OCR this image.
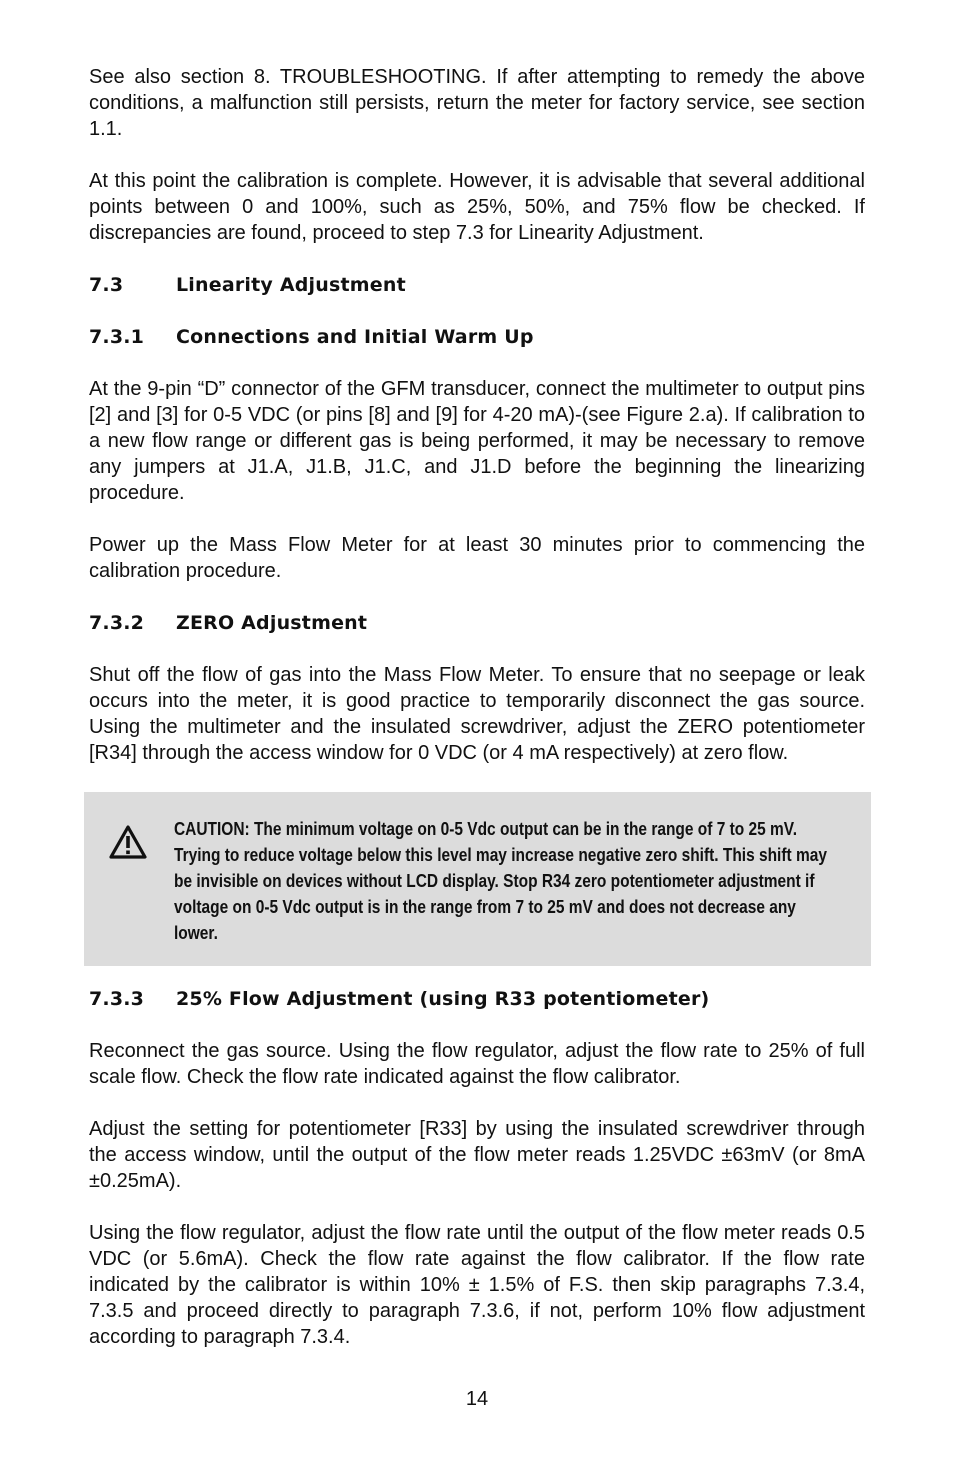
See also section 8. TROUBLESHOOTING. If after attempting to remedy the above conditions, a malfunction still persists, return the meter for factory service, see section 1.1.

At this point the calibration is complete. However, it is advisable that several additional points between 0 and 100%, such as 25%, 50%, and 75% flow be checked. If discrepancies are found, proceed to step 7.3 for Linearity Adjustment.

7.3	Linearity Adjustment
7.3.1	Connections and Initial Warm Up

At the 9-pin “D” connector of the GFM transducer, connect the multimeter to output pins [2] and [3] for 0-5 VDC (or pins [8] and [9] for 4-20 mA)-(see Figure 2.a). If calibration to a new flow range or different gas is being performed, it may be necessary to remove any jumpers at J1.A, J1.B, J1.C, and J1.D before the beginning the linearizing procedure.

Power up the Mass Flow Meter for at least 30 minutes prior to commencing the calibration procedure.

7.3.2	ZERO Adjustment

Shut off the flow of gas into the Mass Flow Meter. To ensure that no seepage or leak occurs into the meter, it is good practice to temporarily disconnect the gas source. Using the multimeter and the insulated screwdriver, adjust the ZERO potentiometer [R34] through the access window for 0 VDC (or 4 mA respectively) at zero flow.

CAUTION: The minimum voltage on 0-5 Vdc output can be in the range of 7 to 25 mV. Trying to reduce voltage below this level may increase negative zero shift. This shift may be invisible on devices without LCD display. Stop R34 zero potentiometer adjustment if voltage on 0-5 Vdc output is in the range from 7 to 25 mV and does not decrease any lower.

7.3.3	25% Flow Adjustment (using R33 potentiometer)

Reconnect the gas source. Using the flow regulator, adjust the flow rate to 25% of full scale flow. Check the flow rate indicated against the flow calibrator.

Adjust the setting for potentiometer [R33] by using the insulated screwdriver through the access window, until the output of the flow meter reads 1.25VDC ±63mV (or 8mA ±0.25mA).

Using the flow regulator, adjust the flow rate until the output of the flow meter reads 0.5 VDC (or 5.6mA). Check the flow rate against the flow calibrator. If the flow rate indicated by the calibrator is within 10% ± 1.5% of F.S. then skip paragraphs 7.3.4, 7.3.5 and proceed directly to paragraph 7.3.6, if not, perform 10% flow adjustment according to paragraph 7.3.4.

14
